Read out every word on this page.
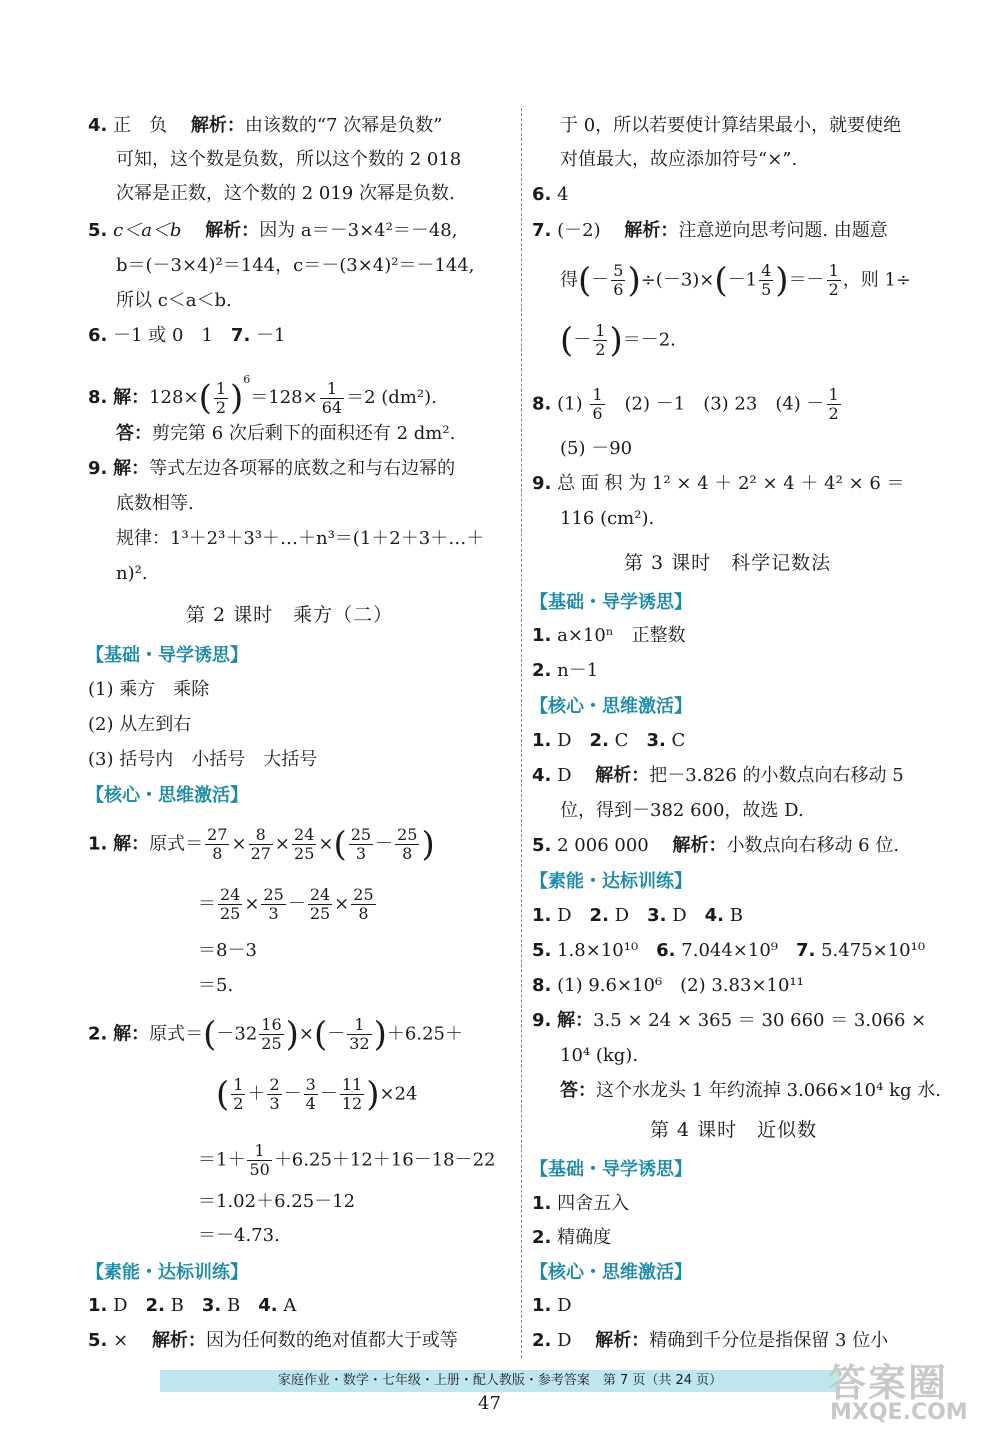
4. 正　负　 解析：由该数的“7 次幂是负数”
可知，这个数是负数，所以这个数的 2 018
次幂是正数，这个数的 2 019 次幂是负数.
5. c＜a＜b　 解析：因为 a＝－3×4²＝－48,
b＝(－3×4)²＝144，c＝－(3×4)²＝－144,
所以 c＜a＜b.
6. －1 或 0　1　7. －1
8. 解：$128\times( \frac{1}{2} )^6=128\times \frac{1}{64} =2$ (dm²).
答：剪完第 6 次后剩下的面积还有 2 dm².
9. 解：等式左边各项幂的底数之和与右边幂的
底数相等.
规律：1³＋2³＋3³＋…＋n³＝(1＋2＋3＋…＋
n)².
第 2 课时　乘方（二）
【基础・导学诱思】
(1) 乘方　乘除
(2) 从左到右
(3) 括号内　小括号　大括号
【核心・思维激活】
1. 解：原式＝ $\frac{27}{8} \times \frac{8}{27} \times \frac{24}{25}$ ×( $\frac{25}{3} - \frac{25}{8}$ )
＝ $\frac{24}{25} \times \frac{25}{3} - \frac{24}{25} \times \frac{25}{8}$
＝8－3
＝5.
2. 解：原式$=(-32 \frac{16}{25}$ )×(－ $\frac{1}{32} )+6.25+$
( $\frac{1}{2} + \frac{2}{3} - \frac{3}{4} - \frac{11}{12} )\times 24$
$=1+ \frac{1}{50} +6.25+12+16-18-22$
＝1.02＋6.25－12
＝－4.73.
【素能・达标训练】
1. D　 2. B　 3. B　 4. A
5. ×　 解析：因为任何数的绝对值都大于或等
于 0，所以若要使计算结果最小，就要使绝
对值最大，故应添加符号“×”.
6. 4
7. (－2)　 解析：注意逆向思考问题. 由题意
得(－ $\frac{5}{6} )\div(-3)\times(-1 \frac{4}{5}$ )＝－ $\frac{1}{2}$ ，则 1÷
(－ $\frac{1}{2} )=-2$.
8. $(1) \frac{1}{6}$
　 (2) －1　 (3) 23　 $(4) - \frac{1}{2}$
(5) －90
9. 总 面 积 为 1² × 4 ＋ 2² × 4 ＋ 4² × 6 ＝
116 (cm²).
第 3 课时　科学记数法
【基础・导学诱思】
1. a×10ⁿ　正整数
2. n－1
【核心・思维激活】
1. D　 2. C　 3. C
4. D　 解析：把－3.826 的小数点向右移动 5
位，得到－382 600，故选 D.
5. 2 006 000　 解析：小数点向右移动 6 位.
【素能・达标训练】
1. D　 2. D　 3. D　 4. B
5. 1.8×10¹⁰　 6. 7.044×10⁹　 7. 5.475×10¹⁰
8. (1) 9.6×10⁶　(2) 3.83×10¹¹
9. 解：3.5 × 24 × 365 ＝ 30 660 ＝ 3.066 ×
10⁴ (kg).
答：这个水龙头 1 年约流掉 3.066×10⁴ kg 水.
第 4 课时　近似数
【基础・导学诱思】
1. 四舍五入
2. 精确度
【核心・思维激活】
1. D
2. D　 解析：精确到千分位是指保留 3 位小
家庭作业・数学・七年级・上册・配人教版・参考答案　第 7 页（共 24 页）
47	答案圈
MXQE.COM
